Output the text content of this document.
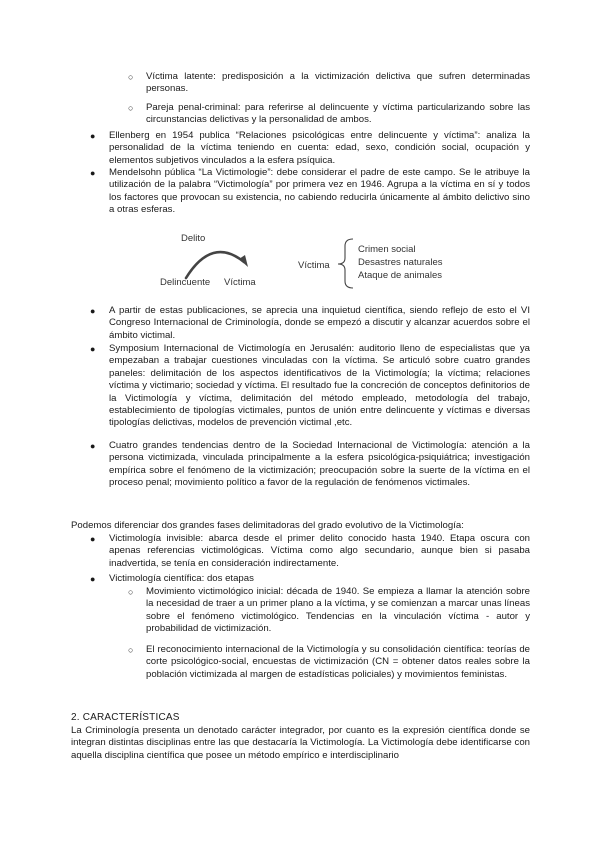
○ Víctima latente: predisposición a la victimización delictiva que sufren determinadas personas.

○ Pareja penal-criminal: para referirse al delincuente y víctima particularizando sobre las circunstancias delictivas y la personalidad de ambos.

● Ellenberg en 1954 publica “Relaciones psicológicas entre delincuente y víctima”: analiza la personalidad de la víctima teniendo en cuenta: edad, sexo, condición social, ocupación y elementos subjetivos vinculados a la esfera psíquica.

● Mendelsohn pública “La Victimologie”: debe considerar el padre de este campo. Se le atribuye la utilización de la palabra “Victimología” por primera vez en 1946. Agrupa a la víctima en sí y todos los factores que provocan su existencia, no cabiendo reducirla únicamente al ámbito delictivo sino a otras esferas.

Delito
Delincuente Víctima
Víctima
Crimen social
Desastres naturales
Ataque de animales
● A partir de estas publicaciones, se aprecia una inquietud científica, siendo reflejo de esto el VI Congreso Internacional de Criminología, donde se empezó a discutir y alcanzar acuerdos sobre el ámbito victimal.

● Symposium Internacional de Victimología en Jerusalén: auditorio lleno de especialistas que ya empezaban a trabajar cuestiones vinculadas con la víctima. Se articuló sobre cuatro grandes paneles: delimitación de los aspectos identificativos de la Victimología; la víctima; relaciones víctima y victimario; sociedad y víctima. El resultado fue la concreción de conceptos definitorios de la Victimología y víctima, delimitación del método empleado, metodología del trabajo, establecimiento de tipologías victimales, puntos de unión entre delincuente y víctimas e diversas tipologías delictivas, modelos de prevención victimal ,etc.

● Cuatro grandes tendencias dentro de la Sociedad Internacional de Victimología: atención a la persona victimizada, vinculada principalmente a la esfera psicológica-psiquiátrica; investigación empírica sobre el fenómeno de la victimización; preocupación sobre la suerte de la víctima en el proceso penal; movimiento político a favor de la regulación de fenómenos victimales.

Podemos diferenciar dos grandes fases delimitadoras del grado evolutivo de la Victimología:

● Victimología invisible: abarca desde el primer delito conocido hasta 1940. Etapa oscura con apenas referencias victimológicas. Víctima como algo secundario, aunque bien si pasaba inadvertida, se tenía en consideración indirectamente.

● Victimología científica: dos etapas

○ Movimiento victimológico inicial: década de 1940. Se empieza a llamar la atención sobre la necesidad de traer a un primer plano a la víctima, y se comienzan a marcar unas líneas sobre el fenómeno victimológico. Tendencias en la vinculación víctima - autor y probabilidad de victimización.

○ El reconocimiento internacional de la Victimología y su consolidación científica: teorías de corte psicológico-social, encuestas de victimización (CN = obtener datos reales sobre la población victimizada al margen de estadísticas policiales) y movimientos feministas.

2. CARACTERÍSTICAS

La Criminología presenta un denotado carácter integrador, por cuanto es la expresión científica donde se integran distintas disciplinas entre las que destacaría la Victimología. La Victimología debe identificarse con aquella disciplina científica que posee un método empírico e interdisciplinario
